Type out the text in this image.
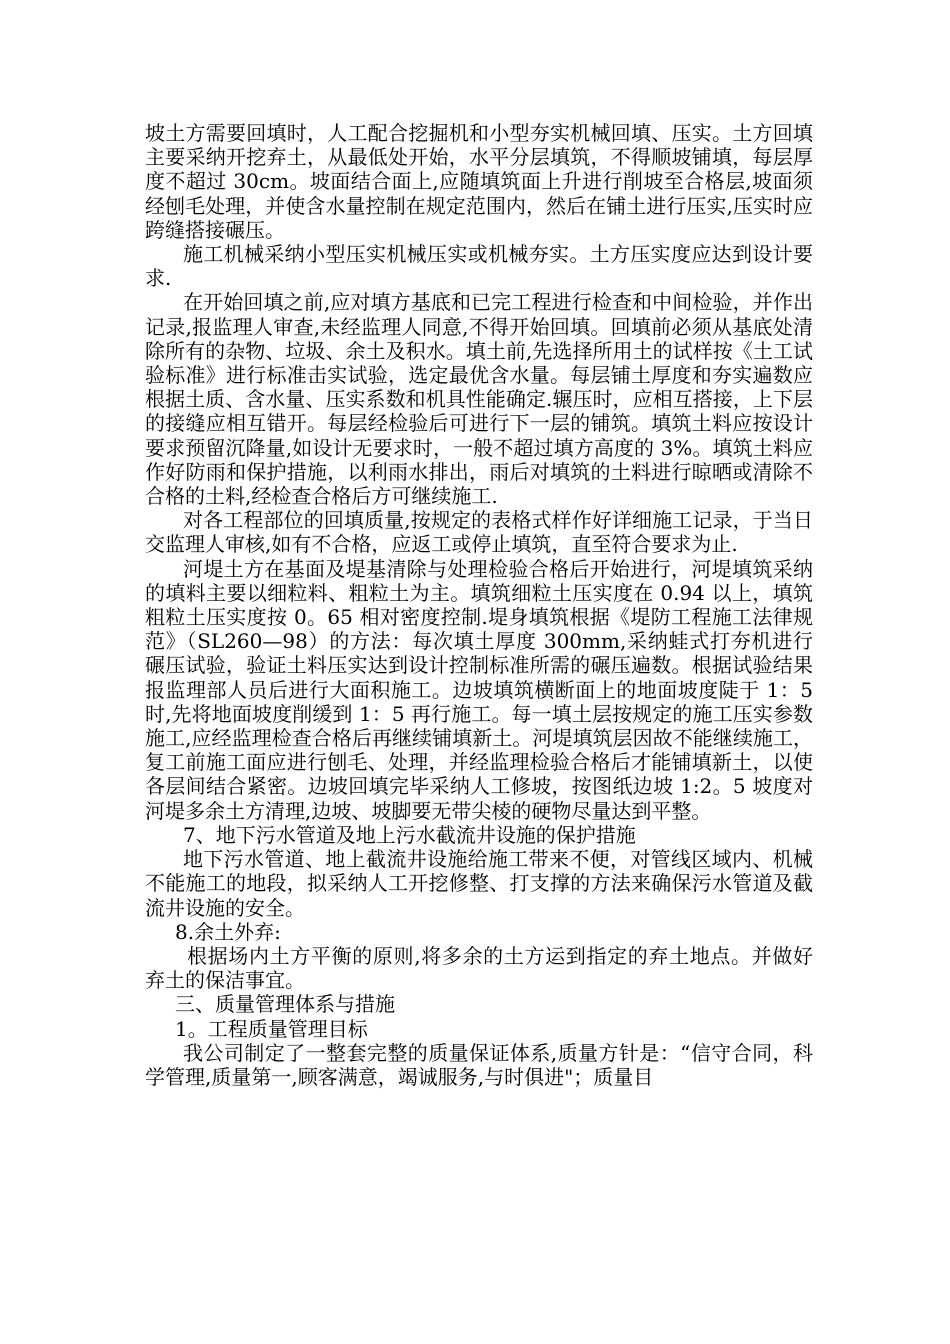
坡土方需要回填时，人工配合挖掘机和小型夯实机械回填、压实。土方回填主要采纳开挖弃土，从最低处开始，水平分层填筑，不得顺坡铺填，每层厚度不超过 30cm。坡面结合面上,应随填筑面上升进行削坡至合格层,坡面须经刨毛处理，并使含水量控制在规定范围内，然后在铺土进行压实,压实时应跨缝搭接碾压。

施工机械采纳小型压实机械压实或机械夯实。土方压实度应达到设计要求.

在开始回填之前,应对填方基底和已完工程进行检查和中间检验，并作出记录,报监理人审查,未经监理人同意,不得开始回填。回填前必须从基底处清除所有的杂物、垃圾、余土及积水。填土前,先选择所用土的试样按《土工试验标准》进行标准击实试验，选定最优含水量。每层铺土厚度和夯实遍数应根据土质、含水量、压实系数和机具性能确定.辗压时，应相互搭接，上下层的接缝应相互错开。每层经检验后可进行下一层的铺筑。填筑土料应按设计要求预留沉降量,如设计无要求时，一般不超过填方高度的 3%。填筑土料应作好防雨和保护措施，以利雨水排出，雨后对填筑的土料进行晾晒或清除不合格的土料,经检查合格后方可继续施工.

对各工程部位的回填质量,按规定的表格式样作好详细施工记录，于当日交监理人审核,如有不合格，应返工或停止填筑，直至符合要求为止.

河堤土方在基面及堤基清除与处理检验合格后开始进行，河堤填筑采纳的填料主要以细粒料、粗粒土为主。填筑细粒土压实度在 0.94 以上，填筑粗粒土压实度按 0。65 相对密度控制.堤身填筑根据《堤防工程施工法律规范》（SL260—98）的方法：每次填土厚度 300mm,采纳蛙式打夯机进行碾压试验，验证土料压实达到设计控制标准所需的碾压遍数。根据试验结果报监理部人员后进行大面积施工。边坡填筑横断面上的地面坡度陡于 1：5 时,先将地面坡度削缓到 1：5 再行施工。每一填土层按规定的施工压实参数施工,应经监理检查合格后再继续铺填新土。河堤填筑层因故不能继续施工，复工前施工面应进行刨毛、处理，并经监理检验合格后才能铺填新土，以使各层间结合紧密。边坡回填完毕采纳人工修坡，按图纸边坡 1:2。5 坡度对河堤多余土方清理,边坡、坡脚要无带尖棱的硬物尽量达到平整。

7、地下污水管道及地上污水截流井设施的保护措施

地下污水管道、地上截流井设施给施工带来不便，对管线区域内、机械不能施工的地段，拟采纳人工开挖修整、打支撑的方法来确保污水管道及截流井设施的安全。

8.余土外弃:

根据场内土方平衡的原则,将多余的土方运到指定的弃土地点。并做好弃土的保洁事宜。

三、质量管理体系与措施

1。工程质量管理目标

我公司制定了一整套完整的质量保证体系,质量方针是：“信守合同，科学管理,质量第一,顾客满意，竭诚服务,与时俱进"；质量目
